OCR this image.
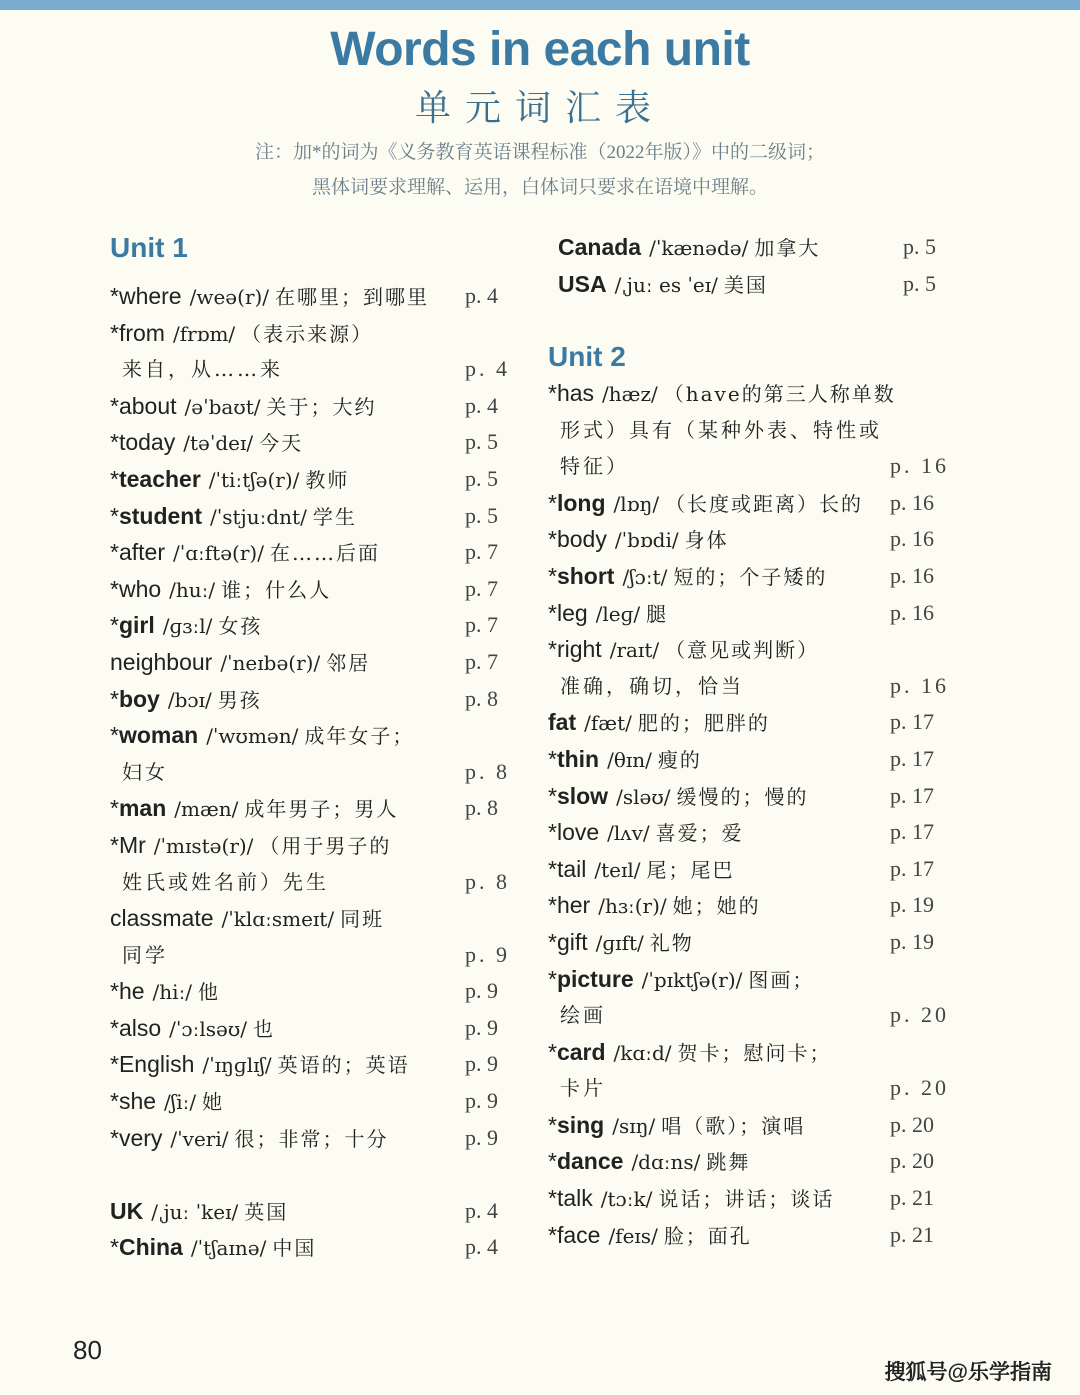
Words in each unit
单元词汇表
注：加*的词为《义务教育英语课程标准（2022年版）》中的二级词；
黑体词要求理解、运用，白体词只要求在语境中理解。
Unit 1
*where /weə(r)/ 在哪里；到哪里 p. 4
*from /frɒm/ （表示来源）
来自，从……来	p. 4
*about /əˈbaʊt/ 关于；大约	p. 4
*today /təˈdeɪ/ 今天	p. 5
*teacher /ˈtiːtʃə(r)/ 教师	p. 5
*student /ˈstjuːdnt/ 学生	p. 5
*after /ˈɑːftə(r)/ 在……后面	p. 7
*who /huː/ 谁；什么人	p. 7
*girl /ɡɜːl/ 女孩	p. 7
neighbour /ˈneɪbə(r)/ 邻居	p. 7
*boy /bɔɪ/ 男孩	p. 8
*woman /ˈwʊmən/ 成年女子；
妇女	p. 8
*man /mæn/ 成年男子；男人	p. 8
*Mr /ˈmɪstə(r)/ （用于男子的
姓氏或姓名前）先生	p. 8
classmate /ˈklɑːsmeɪt/ 同班
同学	p. 9
*he /hiː/ 他	p. 9
*also /ˈɔːlsəʊ/ 也	p. 9
*English /ˈɪŋɡlɪʃ/ 英语的；英语	p. 9
*she /ʃiː/ 她	p. 9
*very /ˈveri/ 很；非常；十分	p. 9
UK /ˌjuː ˈkeɪ/ 英国	p. 4
*China /ˈtʃaɪnə/ 中国	p. 4
Canada /ˈkænədə/ 加拿大	p. 5
USA /ˌjuː es ˈeɪ/ 美国	p. 5
Unit 2
*has /hæz/ （have的第三人称单数
形式）具有（某种外表、特性或
特征）	p. 16
*long /lɒŋ/ （长度或距离）长的 p. 16
*body /ˈbɒdi/ 身体	p. 16
*short /ʃɔːt/ 短的；个子矮的	p. 16
*leg /leɡ/ 腿	p. 16
*right /raɪt/ （意见或判断）
准确，确切，恰当	p. 16
fat /fæt/ 肥的；肥胖的	p. 17
*thin /θɪn/ 瘦的	p. 17
*slow /sləʊ/ 缓慢的；慢的	p. 17
*love /lʌv/ 喜爱；爱	p. 17
*tail /teɪl/ 尾；尾巴	p. 17
*her /hɜː(r)/ 她；她的	p. 19
*gift /ɡɪft/ 礼物	p. 19
*picture /ˈpɪktʃə(r)/ 图画；
绘画	p. 20
*card /kɑːd/ 贺卡；慰问卡；
卡片	p. 20
*sing /sɪŋ/ 唱（歌）；演唱	p. 20
*dance /dɑːns/ 跳舞	p. 20
*talk /tɔːk/ 说话；讲话；谈话	p. 21
*face /feɪs/ 脸；面孔	p. 21
80
搜狐号@乐学指南
